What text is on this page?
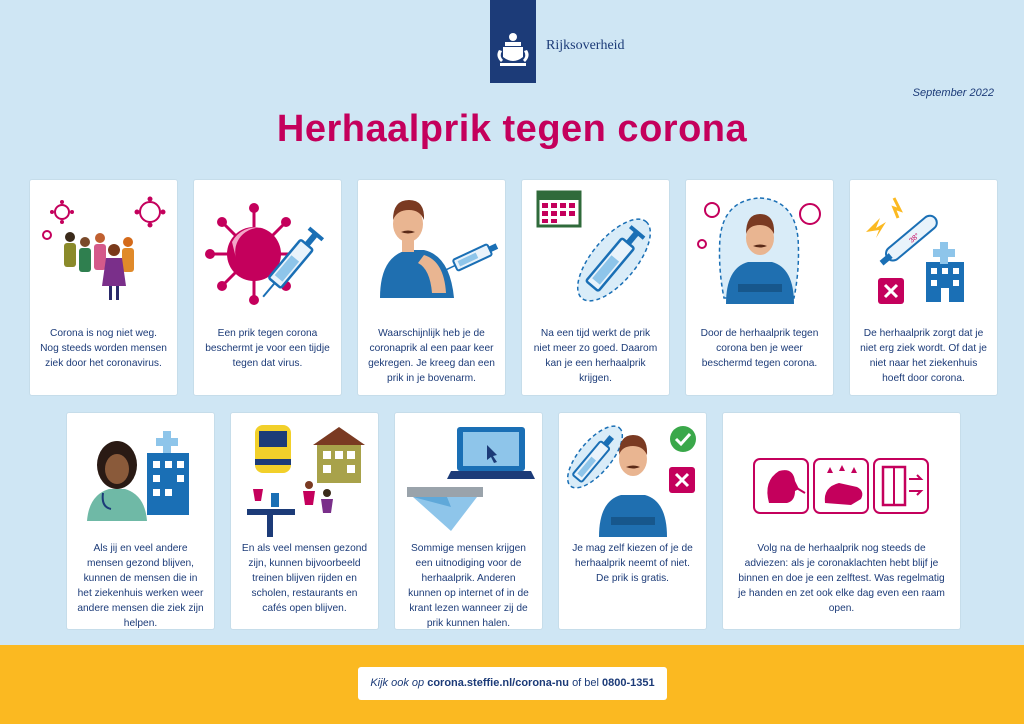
Rijksoverheid
September 2022
Herhaalprik tegen corona
Corona is nog niet weg. Nog steeds worden mensen ziek door het coronavirus.
Een prik tegen corona beschermt je voor een tijdje tegen dat virus.
Waarschijnlijk heb je de coronaprik al een paar keer gekregen. Je kreeg dan een prik in je bovenarm.
Na een tijd werkt de prik niet meer zo goed. Daarom kan je een herhaalprik krijgen.
Door de herhaalprik tegen corona ben je weer beschermd tegen corona.
38°
De herhaalprik zorgt dat je niet erg ziek wordt. Of dat je niet naar het ziekenhuis hoeft door corona.
Als jij en veel andere mensen gezond blijven, kunnen de mensen die in het ziekenhuis werken weer andere mensen die ziek zijn helpen.
En als veel mensen gezond zijn, kunnen bijvoorbeeld treinen blijven rijden en scholen, restaurants en cafés open blijven.
Sommige mensen krijgen een uitnodiging voor de herhaalprik. Anderen kunnen op internet of in de krant lezen wanneer zij de prik kunnen halen.
Je mag zelf kiezen of je de herhaalprik neemt of niet. De prik is gratis.
Volg na de herhaalprik nog steeds de adviezen: als je coronaklachten hebt blijf je binnen en doe je een zelftest. Was regelmatig je handen en zet ook elke dag even een raam open.
Kijk ook op corona.steffie.nl/corona-nu of bel 0800-1351
